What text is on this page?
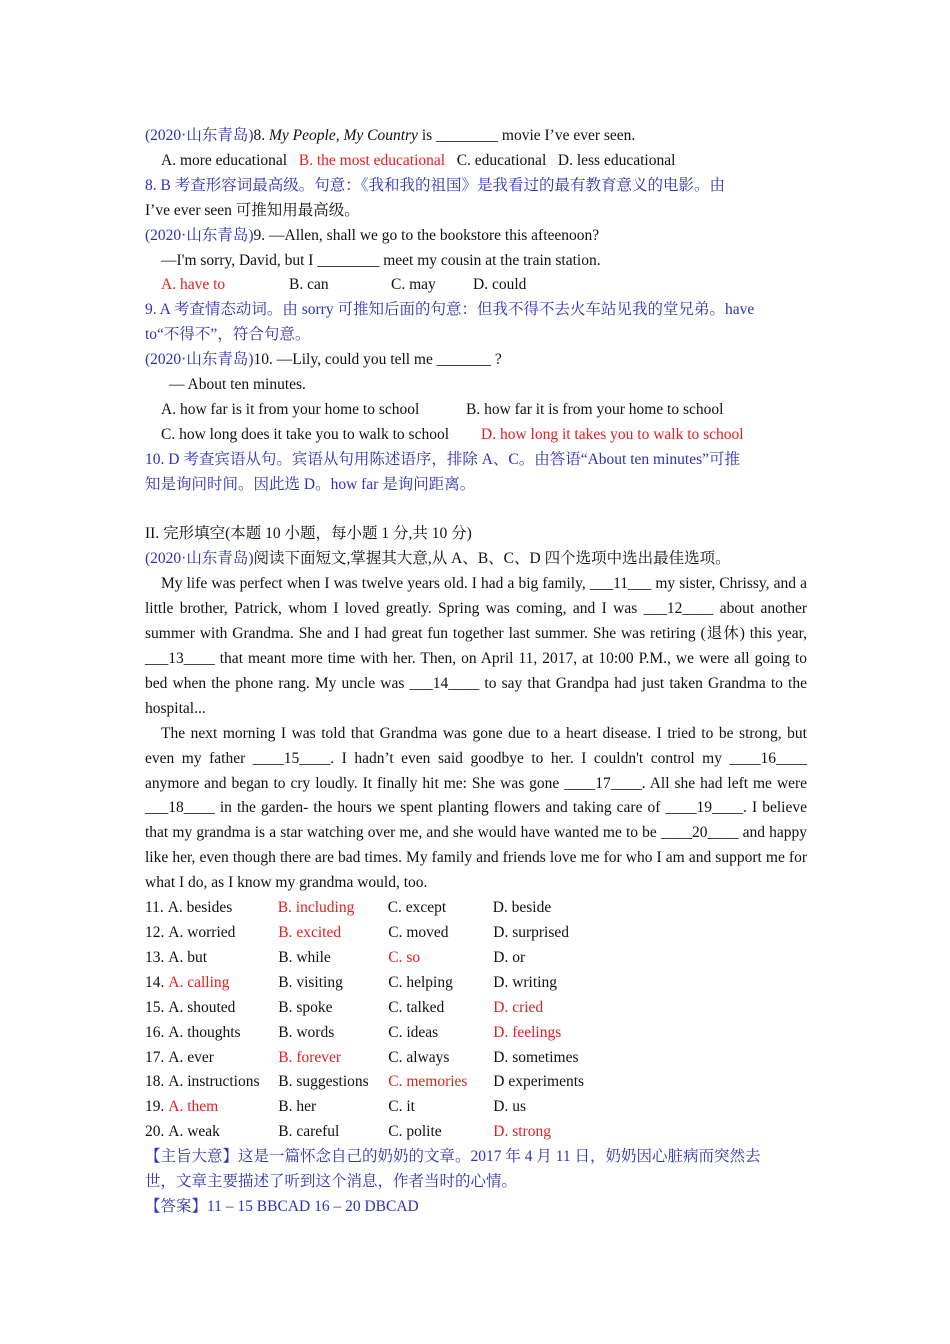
(2020·山东青岛)8. My People, My Country is ________ movie I’ve ever seen.
A. more educational B. the most educational C. educational D. less educational
8. B 考查形容词最高级。句意：《我和我的祖国》是我看过的最有教育意义的电影。由
I’ve ever seen 可推知用最高级。
(2020·山东青岛)9. —Allen, shall we go to the bookstore this afteenoon?
—I'm sorry, David, but I ________ meet my cousin at the train station.
A. have to	B. can	C. may D. could
9. A 考查情态动词。由 sorry 可推知后面的句意：但我不得不去火车站见我的堂兄弟。have
to“不得不”，符合句意。
(2020·山东青岛)10. —Lily, could you tell me _______ ?
— About ten minutes.
A. how far is it from your home to school	B. how far it is from your home to school
C. how long does it take you to walk to school D. how long it takes you to walk to school
10. D 考查宾语从句。宾语从句用陈述语序，排除 A、C。由答语“About ten minutes”可推
知是询问时间。因此选 D。how far 是询问距离。
II. 完形填空(本题 10 小题，每小题 1 分,共 10 分)
(2020·山东青岛)阅读下面短文,掌握其大意,从 A、B、C、D 四个选项中选出最佳选项。
My life was perfect when I was twelve years old. I had a big family, ___11___ my sister, Chrissy, and a little brother, Patrick, whom I loved greatly. Spring was coming, and I was ___12____ about another summer with Grandma. She and I had great fun together last summer. She was retiring (退休) this year, ___13____ that meant more time with her. Then, on April 11, 2017, at 10:00 P.M., we were all going to bed when the phone rang. My uncle was ___14____ to say that Grandpa had just taken Grandma to the hospital...
The next morning I was told that Grandma was gone due to a heart disease. I tried to be strong, but even my father ____15____. I hadn’t even said goodbye to her. I couldn't control my ____16____ anymore and began to cry loudly. It finally hit me: She was gone ____17____. All she had left me were ___18____ in the garden- the hours we spent planting flowers and taking care of ____19____. I believe that my grandma is a star watching over me, and she would have wanted me to be ____20____ and happy like her, even though there are bad times. My family and friends love me for who I am and support me for what I do, as I know my grandma would, too.
11. A. besides	B. including C. except	D. beside
12. A. worried	B. excited	C. moved	D. surprised
13. A. but	B. while	C. so	D. or
14. A. calling	B. visiting	C. helping	D. writing
15. A. shouted	B. spoke	C. talked	D. cried
16. A. thoughts B. words	C. ideas	D. feelings
17. A. ever	B. forever	C. always	D. sometimes
18. A. instructions B. suggestions C. memories D experiments
19. A. them	B. her	C. it	D. us
20. A. weak	B. careful	C. polite	D. strong
【主旨大意】这是一篇怀念自己的奶奶的文章。2017 年 4 月 11 日，奶奶因心脏病而突然去
世，文章主要描述了听到这个消息，作者当时的心情。
【答案】11 – 15 BBCAD 16 – 20 DBCAD
